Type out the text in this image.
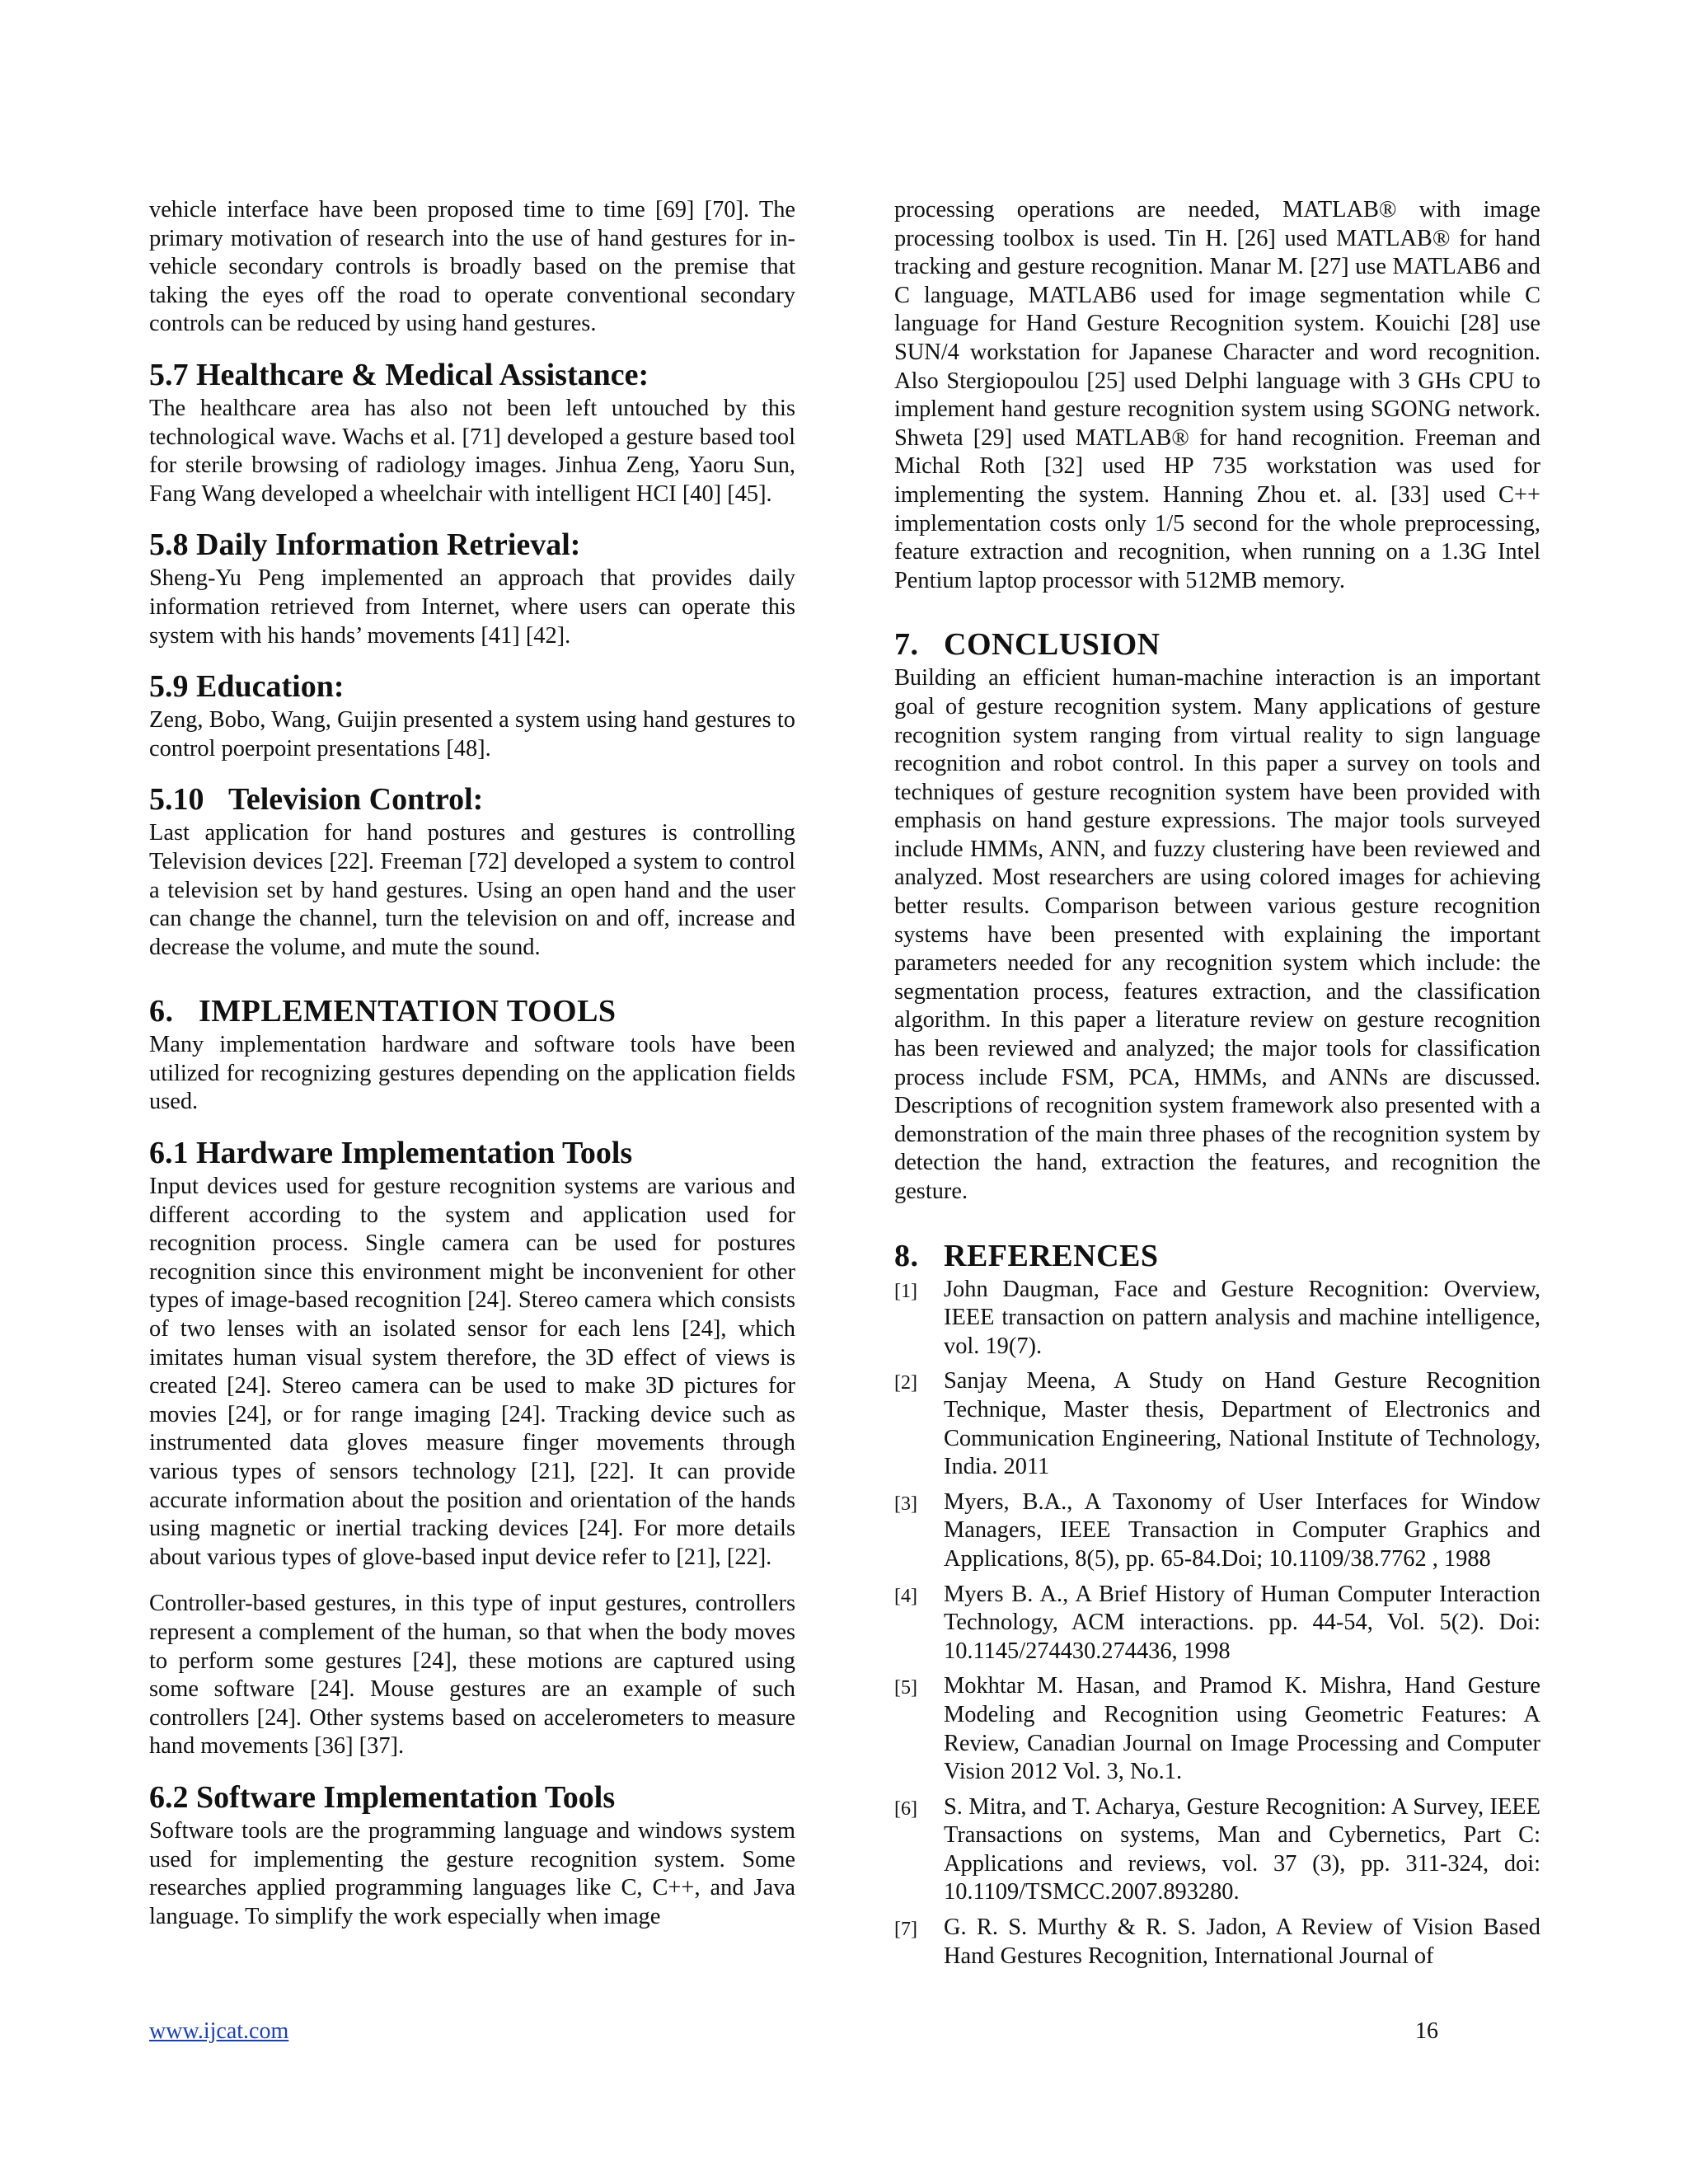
vehicle interface have been proposed time to time [69] [70]. The primary motivation of research into the use of hand gestures for in-vehicle secondary controls is broadly based on the premise that taking the eyes off the road to operate conventional secondary controls can be reduced by using hand gestures.

5.7 Healthcare & Medical Assistance:

The healthcare area has also not been left untouched by this technological wave. Wachs et al. [71] developed a gesture based tool for sterile browsing of radiology images. Jinhua Zeng, Yaoru Sun, Fang Wang developed a wheelchair with intelligent HCI [40] [45].

5.8 Daily Information Retrieval:

Sheng-Yu Peng implemented an approach that provides daily information retrieved from Internet, where users can operate this system with his hands’ movements [41] [42].

5.9 Education:

Zeng, Bobo, Wang, Guijin presented a system using hand gestures to control poerpoint presentations [48].

5.10 Television Control:

Last application for hand postures and gestures is controlling Television devices [22]. Freeman [72] developed a system to control a television set by hand gestures. Using an open hand and the user can change the channel, turn the television on and off, increase and decrease the volume, and mute the sound.

6. IMPLEMENTATION TOOLS

Many implementation hardware and software tools have been utilized for recognizing gestures depending on the application fields used.

6.1 Hardware Implementation Tools

Input devices used for gesture recognition systems are various and different according to the system and application used for recognition process. Single camera can be used for postures recognition since this environment might be inconvenient for other types of image-based recognition [24]. Stereo camera which consists of two lenses with an isolated sensor for each lens [24], which imitates human visual system therefore, the 3D effect of views is created [24]. Stereo camera can be used to make 3D pictures for movies [24], or for range imaging [24]. Tracking device such as instrumented data gloves measure finger movements through various types of sensors technology [21], [22]. It can provide accurate information about the position and orientation of the hands using magnetic or inertial tracking devices [24]. For more details about various types of glove-based input device refer to [21], [22].

Controller-based gestures, in this type of input gestures, controllers represent a complement of the human, so that when the body moves to perform some gestures [24], these motions are captured using some software [24]. Mouse gestures are an example of such controllers [24]. Other systems based on accelerometers to measure hand movements [36] [37].

6.2 Software Implementation Tools

Software tools are the programming language and windows system used for implementing the gesture recognition system. Some researches applied programming languages like C, C++, and Java language. To simplify the work especially when image

processing operations are needed, MATLAB® with image processing toolbox is used. Tin H. [26] used MATLAB® for hand tracking and gesture recognition. Manar M. [27] use MATLAB6 and C language, MATLAB6 used for image segmentation while C language for Hand Gesture Recognition system. Kouichi [28] use SUN/4 workstation for Japanese Character and word recognition. Also Stergiopoulou [25] used Delphi language with 3 GHs CPU to implement hand gesture recognition system using SGONG network. Shweta [29] used MATLAB® for hand recognition. Freeman and Michal Roth [32] used HP 735 workstation was used for implementing the system. Hanning Zhou et. al. [33] used C++ implementation costs only 1/5 second for the whole preprocessing, feature extraction and recognition, when running on a 1.3G Intel Pentium laptop processor with 512MB memory.

7. CONCLUSION

Building an efficient human-machine interaction is an important goal of gesture recognition system. Many applications of gesture recognition system ranging from virtual reality to sign language recognition and robot control. In this paper a survey on tools and techniques of gesture recognition system have been provided with emphasis on hand gesture expressions. The major tools surveyed include HMMs, ANN, and fuzzy clustering have been reviewed and analyzed. Most researchers are using colored images for achieving better results. Comparison between various gesture recognition systems have been presented with explaining the important parameters needed for any recognition system which include: the segmentation process, features extraction, and the classification algorithm. In this paper a literature review on gesture recognition has been reviewed and analyzed; the major tools for classification process include FSM, PCA, HMMs, and ANNs are discussed. Descriptions of recognition system framework also presented with a demonstration of the main three phases of the recognition system by detection the hand, extraction the features, and recognition the gesture.

8. REFERENCES
[1] John Daugman, Face and Gesture Recognition: Overview, IEEE transaction on pattern analysis and machine intelligence, vol. 19(7).
[2] Sanjay Meena, A Study on Hand Gesture Recognition Technique, Master thesis, Department of Electronics and Communication Engineering, National Institute of Technology, India. 2011
[3] Myers, B.A., A Taxonomy of User Interfaces for Window Managers, IEEE Transaction in Computer Graphics and Applications, 8(5), pp. 65-84.Doi; 10.1109/38.7762 , 1988
[4] Myers B. A., A Brief History of Human Computer Interaction Technology, ACM interactions. pp. 44-54, Vol. 5(2). Doi: 10.1145/274430.274436, 1998
[5] Mokhtar M. Hasan, and Pramod K. Mishra, Hand Gesture Modeling and Recognition using Geometric Features: A Review, Canadian Journal on Image Processing and Computer Vision 2012 Vol. 3, No.1.
[6] S. Mitra, and T. Acharya, Gesture Recognition: A Survey, IEEE Transactions on systems, Man and Cybernetics, Part C: Applications and reviews, vol. 37 (3), pp. 311-324, doi: 10.1109/TSMCC.2007.893280.
[7] G. R. S. Murthy & R. S. Jadon, A Review of Vision Based Hand Gestures Recognition, International Journal of
www.ijcat.com	16
